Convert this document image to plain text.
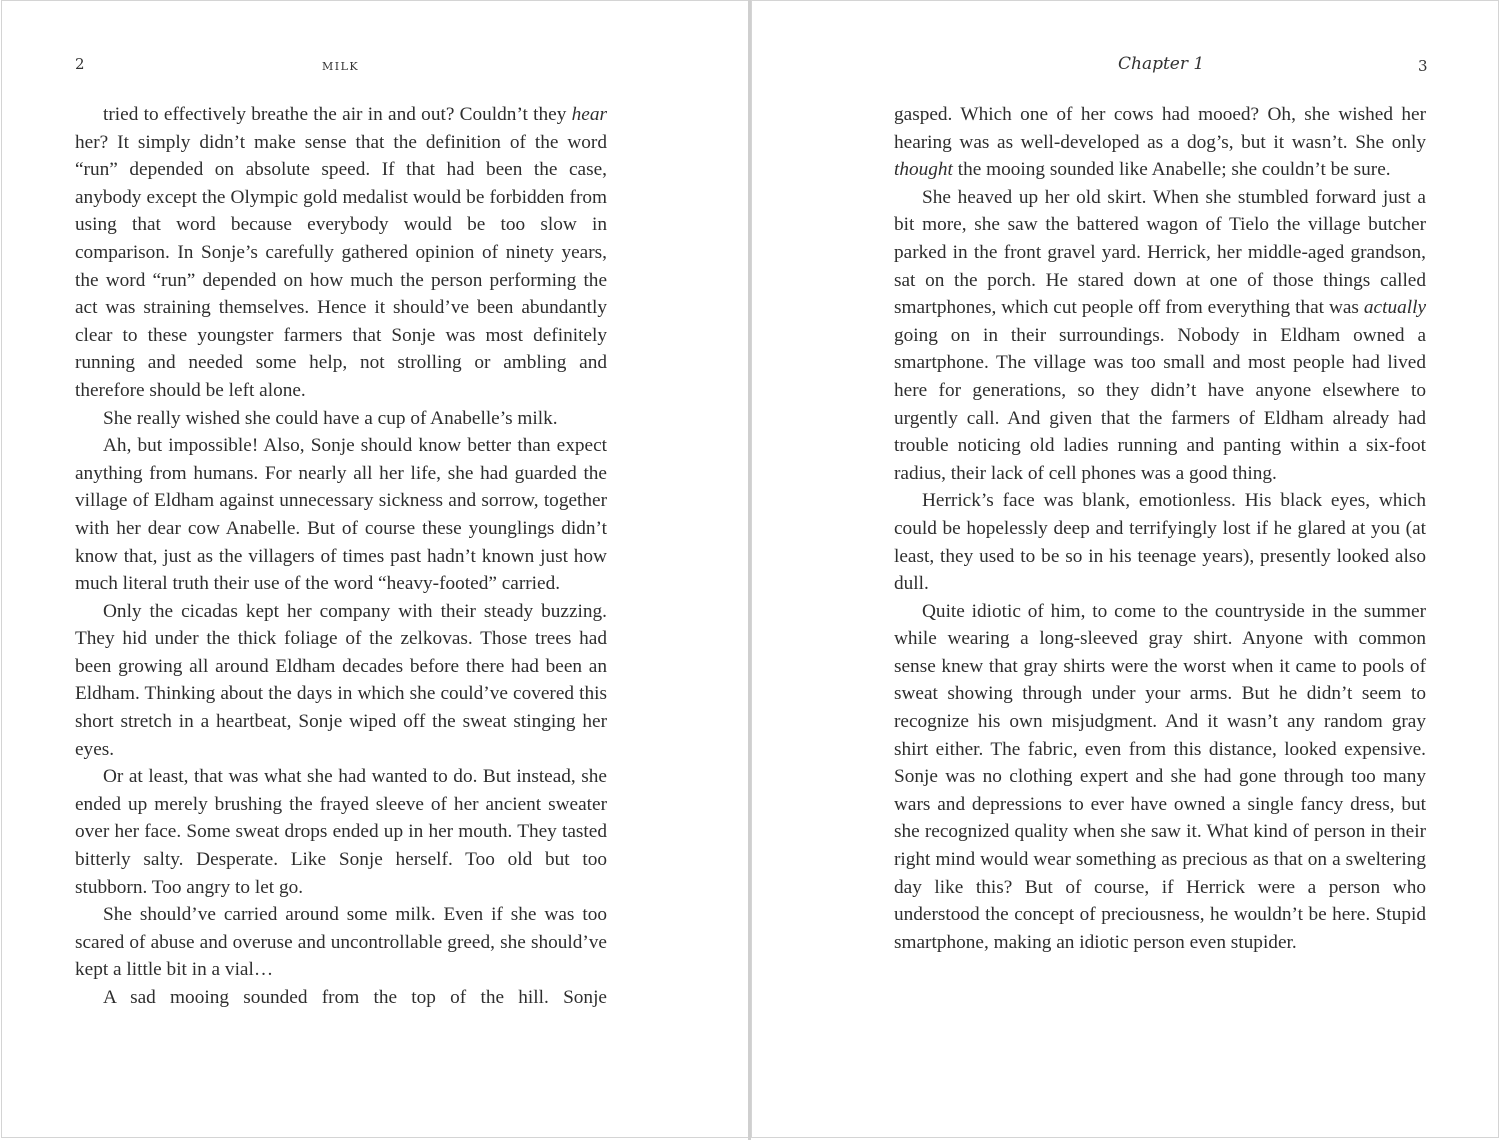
2	milk

tried to effectively breathe the air in and out? Couldn’t they hear her? It simply didn’t make sense that the definition of the word “run” depended on absolute speed. If that had been the case, anybody except the Olympic gold medalist would be forbidden from using that word because everybody would be too slow in comparison. In Sonje’s carefully gathered opinion of ninety years, the word “run” depended on how much the person performing the act was straining themselves. Hence it should’ve been abundantly clear to these youngster farmers that Sonje was most definitely running and needed some help, not strolling or ambling and therefore should be left alone.

She really wished she could have a cup of Anabelle’s milk.

Ah, but impossible! Also, Sonje should know better than expect anything from humans. For nearly all her life, she had guarded the village of Eldham against unnecessary sickness and sorrow, together with her dear cow Anabelle. But of course these younglings didn’t know that, just as the villagers of times past hadn’t known just how much literal truth their use of the word “heavy-footed” carried.

Only the cicadas kept her company with their steady buzzing. They hid under the thick foliage of the zelkovas. Those trees had been growing all around Eldham decades before there had been an Eldham. Thinking about the days in which she could’ve covered this short stretch in a heartbeat, Sonje wiped off the sweat stinging her eyes.

Or at least, that was what she had wanted to do. But instead, she ended up merely brushing the frayed sleeve of her ancient sweater over her face. Some sweat drops ended up in her mouth. They tasted bitterly salty. Desperate. Like Sonje herself. Too old but too stubborn. Too angry to let go.

She should’ve carried around some milk. Even if she was too scared of abuse and overuse and uncontrollable greed, she should’ve kept a little bit in a vial…

A sad mooing sounded from the top of the hill. Sonje

Chapter 1	3

gasped. Which one of her cows had mooed? Oh, she wished her hearing was as well-developed as a dog’s, but it wasn’t. She only thought the mooing sounded like Anabelle; she couldn’t be sure.

She heaved up her old skirt. When she stumbled forward just a bit more, she saw the battered wagon of Tielo the village butcher parked in the front gravel yard. Herrick, her middle-aged grandson, sat on the porch. He stared down at one of those things called smartphones, which cut people off from everything that was actually going on in their surroundings. Nobody in Eldham owned a smartphone. The village was too small and most people had lived here for generations, so they didn’t have anyone elsewhere to urgently call. And given that the farmers of Eldham already had trouble noticing old ladies running and panting within a six-foot radius, their lack of cell phones was a good thing.

Herrick’s face was blank, emotionless. His black eyes, which could be hopelessly deep and terrifyingly lost if he glared at you (at least, they used to be so in his teenage years), presently looked also dull.

Quite idiotic of him, to come to the countryside in the summer while wearing a long-sleeved gray shirt. Anyone with common sense knew that gray shirts were the worst when it came to pools of sweat showing through under your arms. But he didn’t seem to recognize his own misjudgment. And it wasn’t any random gray shirt either. The fabric, even from this distance, looked expensive. Sonje was no clothing expert and she had gone through too many wars and depressions to ever have owned a single fancy dress, but she recognized quality when she saw it. What kind of person in their right mind would wear something as precious as that on a sweltering day like this? But of course, if Herrick were a person who understood the concept of preciousness, he wouldn’t be here. Stupid smartphone, making an idiotic person even stupider.
